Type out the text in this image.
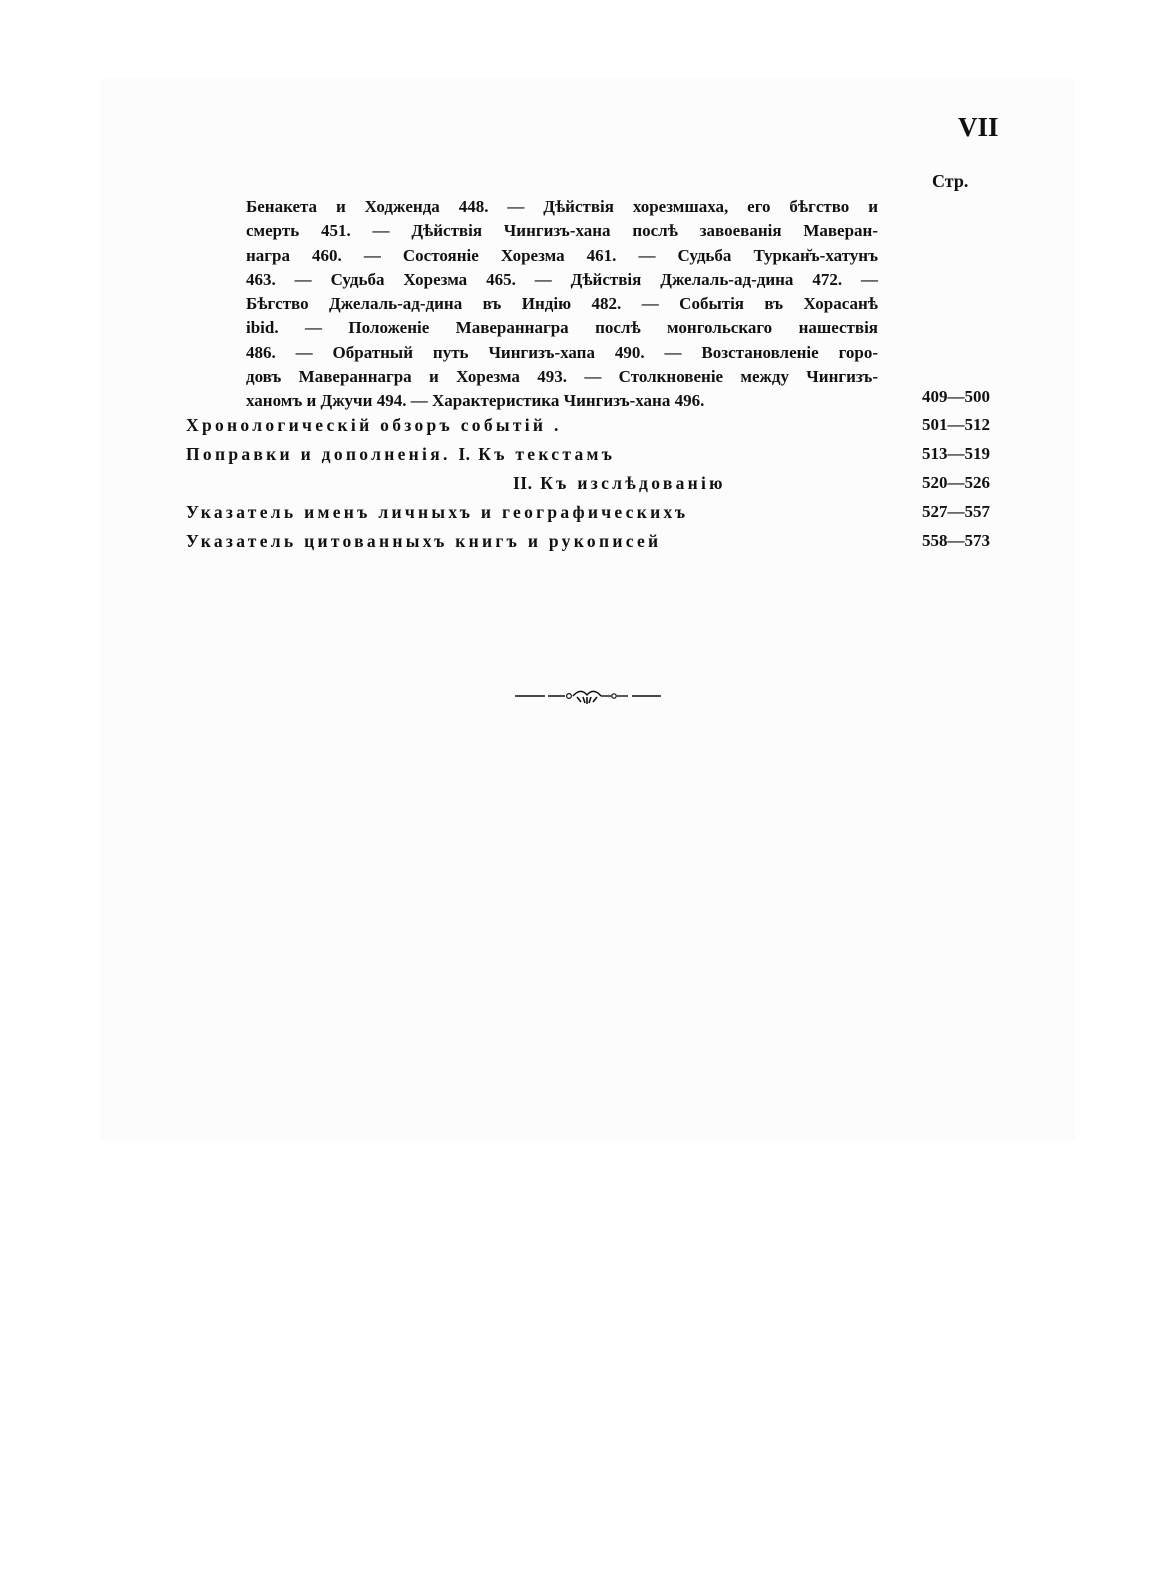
VII
Стр.
Бенакета и Ходжeнда 448. — Дѣйствія хорезмшаха, его бѣгство и
смерть 451. — Дѣйствія Чингизъ-хана послѣ завоеванія Маверан-
награ 460. — Состояніе Хорезма 461. — Судьба Туркан̆ъ-хатунъ
463. — Судьба Хорезма 465. — Дѣйствія Джелаль-ад-дина 472. —
Бѣгство Джелаль-ад-дина въ Индію 482. — Событія въ Хорасанѣ
ibid. — Положеніе Мавераннагра послѣ монгольскаго нашествія
486. — Обратный путь Чингизъ-хапа 490. — Возстановленіе горо-
довъ Мавераннагра и Хорезма 493. — Столкновеніе между Чингизъ-
ханомъ и Джучи 494. — Характеристика Чингизъ-хана 496.	409—500
Хронологическій обзоръ событій .	501—512
Поправки и дополненія. I. Къ текстамъ	513—519
II. Къ изслѣдованію	520—526
Указатель именъ личныхъ и географическихъ	527—557
Указатель цитованныхъ книгъ и рукописей	558—573
